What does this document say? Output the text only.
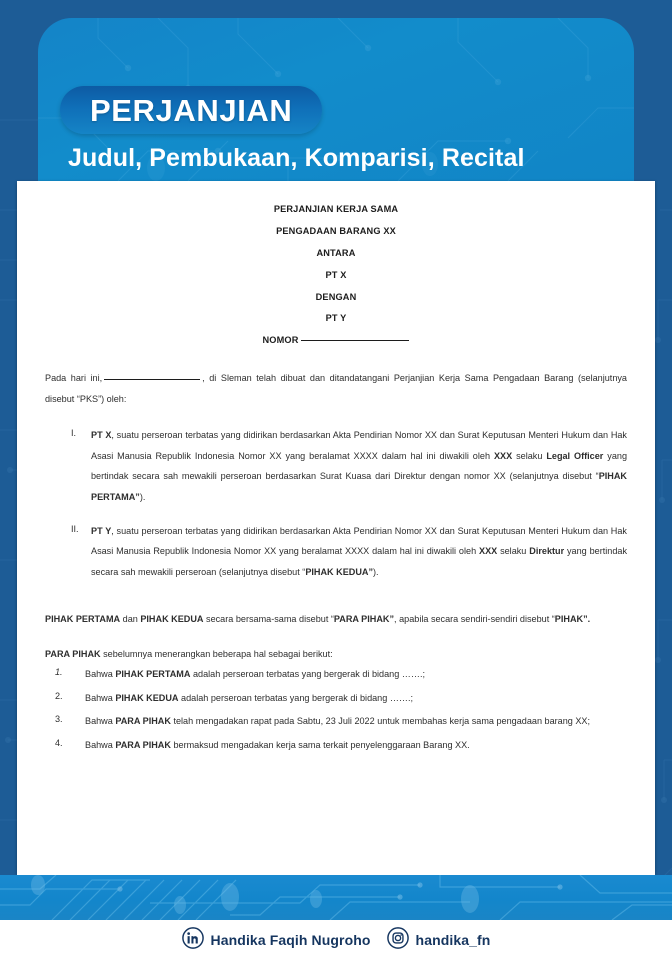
PERJANJIAN
Judul, Pembukaan, Komparisi, Recital
PERJANJIAN KERJA SAMA
PENGADAAN BARANG XX
ANTARA
PT X
DENGAN
PT Y
NOMOR

Pada hari ini,	, di Sleman telah dibuat dan ditandatangani Perjanjian Kerja Sama Pengadaan Barang (selanjutnya disebut “PKS”) oleh:

I.	PT X, suatu perseroan terbatas yang didirikan berdasarkan Akta Pendirian Nomor XX dan Surat Keputusan Menteri Hukum dan Hak Asasi Manusia Republik Indonesia Nomor XX yang beralamat XXXX dalam hal ini diwakili oleh XXX selaku Legal Officer yang bertindak secara sah mewakili perseroan berdasarkan Surat Kuasa dari Direktur dengan nomor XX (selanjutnya disebut “PIHAK PERTAMA”).
II.	PT Y, suatu perseroan terbatas yang didirikan berdasarkan Akta Pendirian Nomor XX dan Surat Keputusan Menteri Hukum dan Hak Asasi Manusia Republik Indonesia Nomor XX yang beralamat XXXX dalam hal ini diwakili oleh XXX selaku Direktur yang bertindak secara sah mewakili perseroan (selanjutnya disebut “PIHAK KEDUA”).

PIHAK PERTAMA dan PIHAK KEDUA secara bersama-sama disebut “PARA PIHAK”, apabila secara sendiri-sendiri disebut “PIHAK”.

PARA PIHAK sebelumnya menerangkan beberapa hal sebagai berikut:

1.	Bahwa PIHAK PERTAMA adalah perseroan terbatas yang bergerak di bidang …….;
2.	Bahwa PIHAK KEDUA adalah perseroan terbatas yang bergerak di bidang …….;
3.	Bahwa PARA PIHAK telah mengadakan rapat pada Sabtu, 23 Juli 2022 untuk membahas kerja sama pengadaan barang XX;
4.	Bahwa PARA PIHAK bermaksud mengadakan kerja sama terkait penyelenggaraan Barang XX.
Handika Faqih Nugroho	handika_fn
